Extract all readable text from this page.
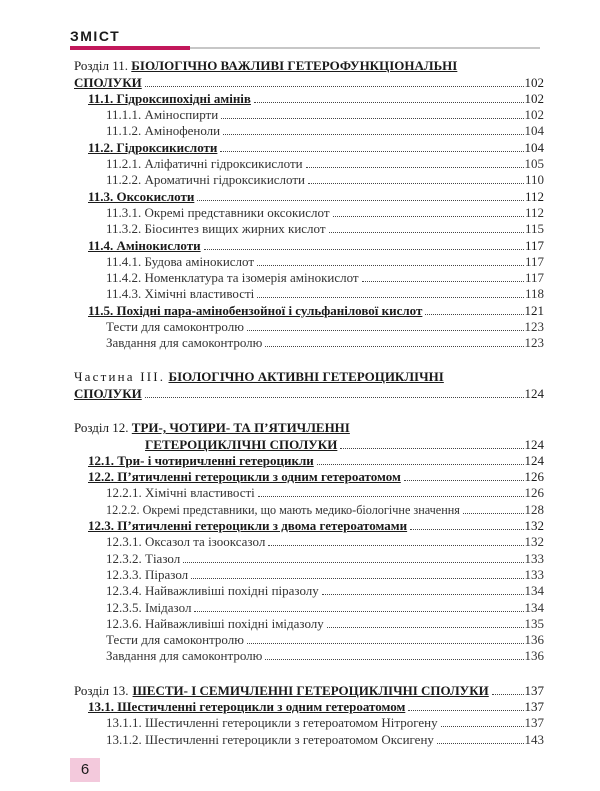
ЗМІСТ
Розділ 11. БІОЛОГІЧНО ВАЖЛИВІ ГЕТЕРОФУНКЦІОНАЛЬНІ
СПОЛУКИ	102
11.1. Гідроксипохідні амінів	102
11.1.1. Аміноспирти	102
11.1.2. Амінофеноли	104
11.2. Гідроксикислоти	104
11.2.1. Аліфатичні гідроксикислоти	105
11.2.2. Ароматичні гідроксикислоти	110
11.3. Оксокислоти	112
11.3.1. Окремі представники оксокислот	112
11.3.2. Біосинтез вищих жирних кислот	115
11.4. Амінокислоти	117
11.4.1. Будова амінокислот	117
11.4.2. Номенклатура та ізомерія амінокислот	117
11.4.3. Хімічні властивості	118
11.5. Похідні пара-амінобензойної і сульфанілової кислот	121
Тести для самоконтролю	123
Завдання для самоконтролю	123
Частина III. БІОЛОГІЧНО АКТИВНІ ГЕТЕРОЦИКЛІЧНІ
СПОЛУКИ	124
Розділ 12. ТРИ-, ЧОТИРИ- ТА П’ЯТИЧЛЕННІ
ГЕТЕРОЦИКЛІЧНІ СПОЛУКИ	124
12.1. Три- і чотиричленні гетероцикли	124
12.2. П’ятичленні гетероцикли з одним гетероатомом	126
12.2.1. Хімічні властивості	126
12.2.2. Окремі представники, що мають медико-біологічне значення	128
12.3. П’ятичленні гетероцикли з двома гетероатомами	132
12.3.1. Оксазол та ізооксазол	132
12.3.2. Тіазол	133
12.3.3. Піразол	133
12.3.4. Найважливіші похідні піразолу	134
12.3.5. Імідазол	134
12.3.6. Найважливіші похідні імідазолу	135
Тести для самоконтролю	136
Завдання для самоконтролю	136
Розділ 13. ШЕСТИ- І СЕМИЧЛЕННІ ГЕТЕРОЦИКЛІЧНІ СПОЛУКИ	137
13.1. Шестичленні гетероцикли з одним гетероатомом	137
13.1.1. Шестичленні гетероцикли з гетероатомом Нітрогену	137
13.1.2. Шестичленні гетероцикли з гетероатомом Оксигену	143
6
